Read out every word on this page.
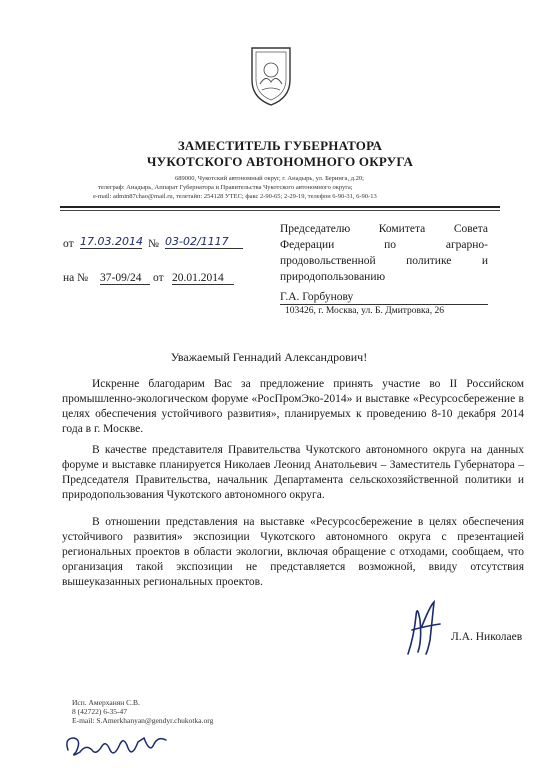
ЗАМЕСТИТЕЛЬ ГУБЕРНАТОРА
ЧУКОТСКОГО АВТОНОМНОГО ОКРУГА
689000, Чукотский автономный округ, г. Анадырь, ул. Беринга, д.20;
телеграф: Анадырь, Аппарат Губернатора и Правительства Чукотского автономного округа;
e-mail: admin87chao@mail.ru, телетайп: 254128 УТЕС; факс 2-90-65; 2-29-19, телефон 6-90-31, 6-90-13
от 17.03.2014 № 03-02/1117
на № 37-09/24 от 20.01.2014
Председателю Комитета Совета Федерации по аграрно-продовольственной политике и природопользованию
Г.А. Горбунову
103426, г. Москва, ул. Б. Дмитровка, 26
Уважаемый Геннадий Александрович!
Искренне благодарим Вас за предложение принять участие во II Российском промышленно-экологическом форуме «РосПромЭко-2014» и выставке «Ресурсосбережение в целях обеспечения устойчивого развития», планируемых к проведению 8-10 декабря 2014 года в г. Москве.
В качестве представителя Правительства Чукотского автономного округа на данных форуме и выставке планируется Николаев Леонид Анатольевич – Заместитель Губернатора – Председателя Правительства, начальник Департамента сельскохозяйственной политики и природопользования Чукотского автономного округа.
В отношении представления на выставке «Ресурсосбережение в целях обеспечения устойчивого развития» экспозиции Чукотского автономного округа с презентацией региональных проектов в области экологии, включая обращение с отходами, сообщаем, что организация такой экспозиции не представляется возможной, ввиду отсутствия вышеуказанных региональных проектов.
Л.А. Николаев
Исп. Амерханян С.В.
8 (42722) 6-35-47
E-mail: S.Amerkhanyan@gendyr.chukotka.org
